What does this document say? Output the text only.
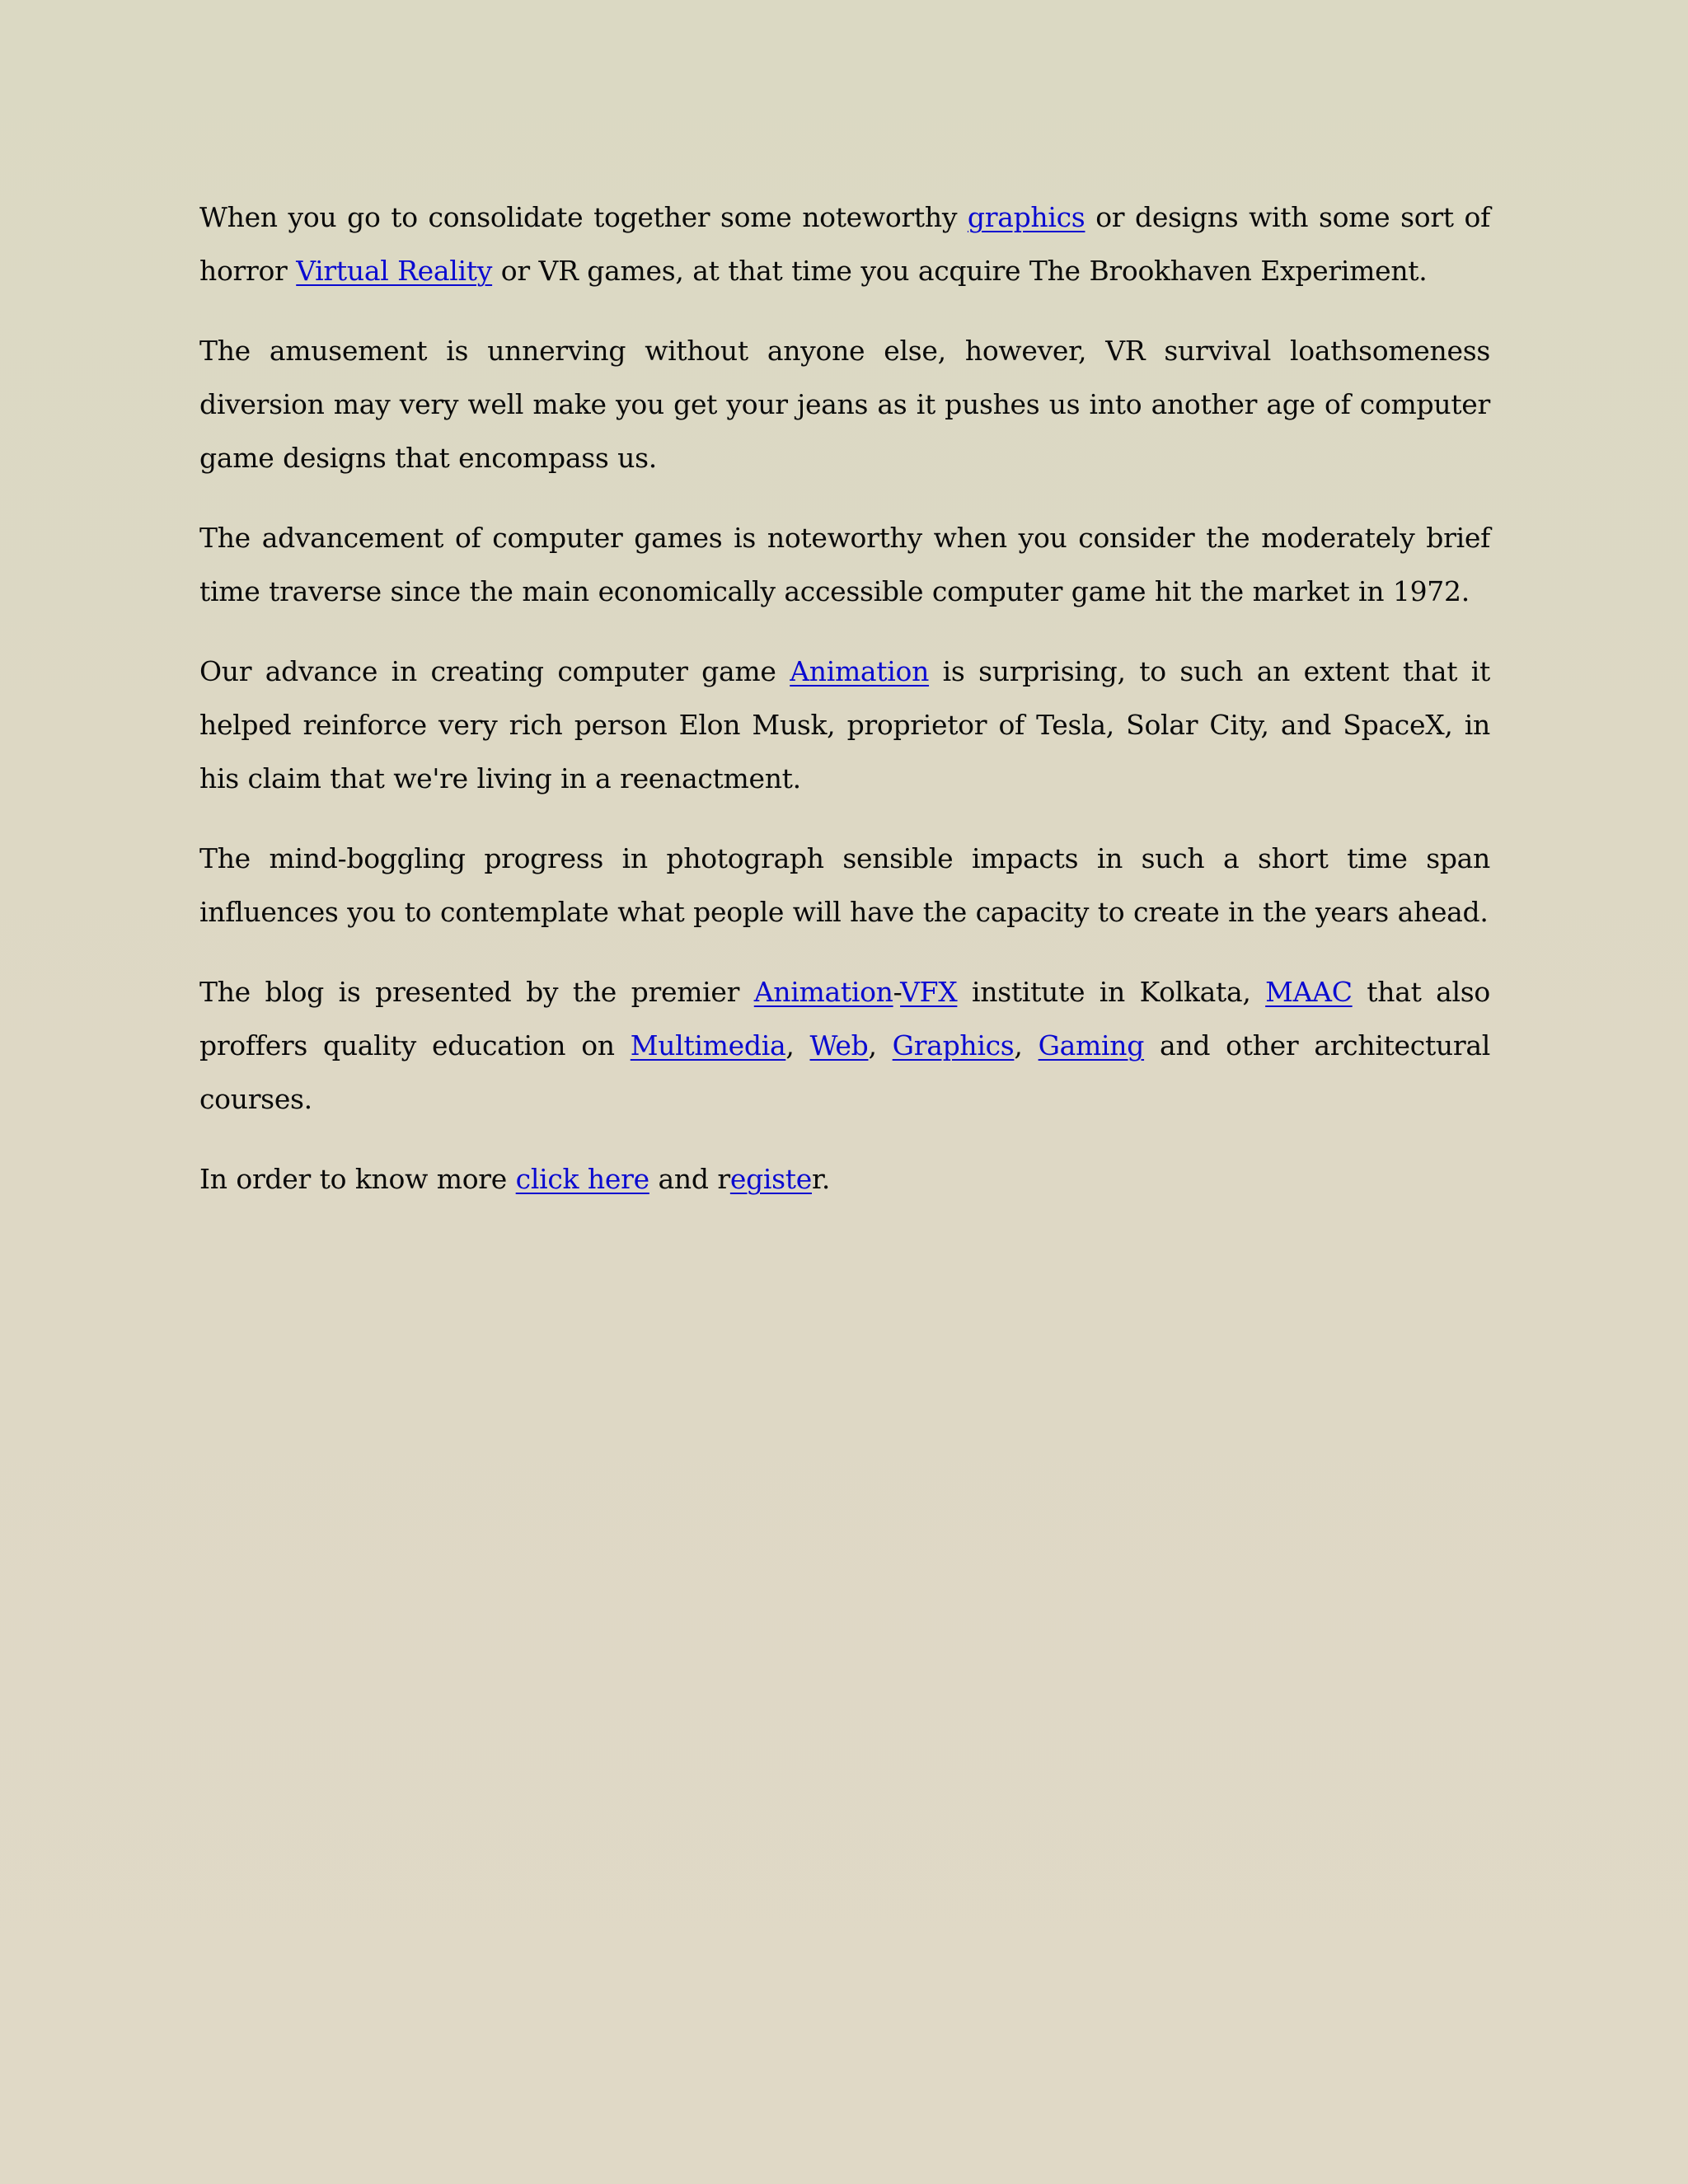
When you go to consolidate together some noteworthy graphics or designs with some sort of horror Virtual Reality or VR games, at that time you acquire The Brookhaven Experiment.

The amusement is unnerving without anyone else, however, VR survival loathsomeness diversion may very well make you get your jeans as it pushes us into another age of computer game designs that encompass us.

The advancement of computer games is noteworthy when you consider the moderately brief time traverse since the main economically accessible computer game hit the market in 1972.

Our advance in creating computer game Animation is surprising, to such an extent that it helped reinforce very rich person Elon Musk, proprietor of Tesla, Solar City, and SpaceX, in his claim that we're living in a reenactment.

The mind-boggling progress in photograph sensible impacts in such a short time span influences you to contemplate what people will have the capacity to create in the years ahead.

The blog is presented by the premier Animation-VFX institute in Kolkata, MAAC that also proffers quality education on Multimedia, Web, Graphics, Gaming and other architectural courses.

In order to know more click here and register.
